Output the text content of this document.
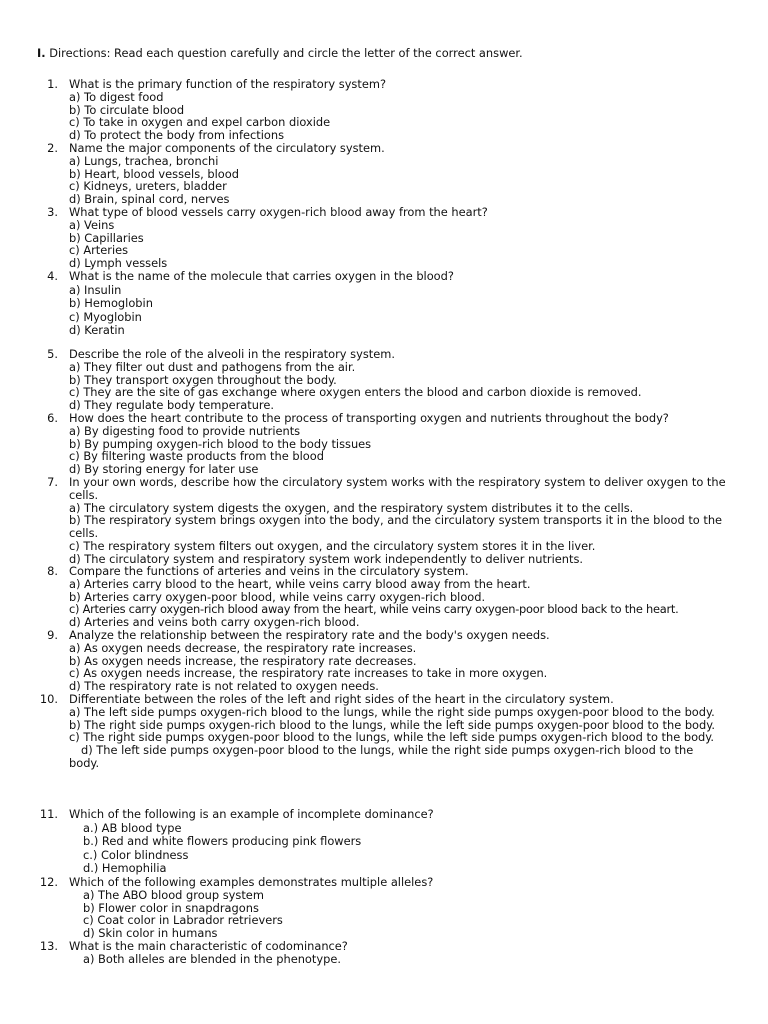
I. Directions: Read each question carefully and circle the letter of the correct answer.
1. What is the primary function of the respiratory system?
a) To digest food
b) To circulate blood
c) To take in oxygen and expel carbon dioxide
d) To protect the body from infections
2. Name the major components of the circulatory system.
a) Lungs, trachea, bronchi
b) Heart, blood vessels, blood
c) Kidneys, ureters, bladder
d) Brain, spinal cord, nerves
3. What type of blood vessels carry oxygen-rich blood away from the heart?
a) Veins
b) Capillaries
c) Arteries
d) Lymph vessels
4. What is the name of the molecule that carries oxygen in the blood?
a) Insulin
b) Hemoglobin
c) Myoglobin
d) Keratin
5. Describe the role of the alveoli in the respiratory system.
a) They filter out dust and pathogens from the air.
b) They transport oxygen throughout the body.
c) They are the site of gas exchange where oxygen enters the blood and carbon dioxide is removed.
d) They regulate body temperature.
6. How does the heart contribute to the process of transporting oxygen and nutrients throughout the body?
a) By digesting food to provide nutrients
b) By pumping oxygen-rich blood to the body tissues
c) By filtering waste products from the blood
d) By storing energy for later use
7. In your own words, describe how the circulatory system works with the respiratory system to deliver oxygen to the cells.
a) The circulatory system digests the oxygen, and the respiratory system distributes it to the cells.
b) The respiratory system brings oxygen into the body, and the circulatory system transports it in the blood to the cells.
c) The respiratory system filters out oxygen, and the circulatory system stores it in the liver.
d) The circulatory system and respiratory system work independently to deliver nutrients.
8. Compare the functions of arteries and veins in the circulatory system.
a) Arteries carry blood to the heart, while veins carry blood away from the heart.
b) Arteries carry oxygen-poor blood, while veins carry oxygen-rich blood.
c) Arteries carry oxygen-rich blood away from the heart, while veins carry oxygen-poor blood back to the heart.
d) Arteries and veins both carry oxygen-rich blood.
9. Analyze the relationship between the respiratory rate and the body's oxygen needs.
a) As oxygen needs decrease, the respiratory rate increases.
b) As oxygen needs increase, the respiratory rate decreases.
c) As oxygen needs increase, the respiratory rate increases to take in more oxygen.
d) The respiratory rate is not related to oxygen needs.
10. Differentiate between the roles of the left and right sides of the heart in the circulatory system.
a) The left side pumps oxygen-rich blood to the lungs, while the right side pumps oxygen-poor blood to the body.
b) The right side pumps oxygen-rich blood to the lungs, while the left side pumps oxygen-poor blood to the body.
c) The right side pumps oxygen-poor blood to the lungs, while the left side pumps oxygen-rich blood to the body.
d) The left side pumps oxygen-poor blood to the lungs, while the right side pumps oxygen-rich blood to the body.
11. Which of the following is an example of incomplete dominance?
a.) AB blood type
b.) Red and white flowers producing pink flowers
c.) Color blindness
d.) Hemophilia
12. Which of the following examples demonstrates multiple alleles?
a) The ABO blood group system
b) Flower color in snapdragons
c) Coat color in Labrador retrievers
d) Skin color in humans
13. What is the main characteristic of codominance?
a) Both alleles are blended in the phenotype.
